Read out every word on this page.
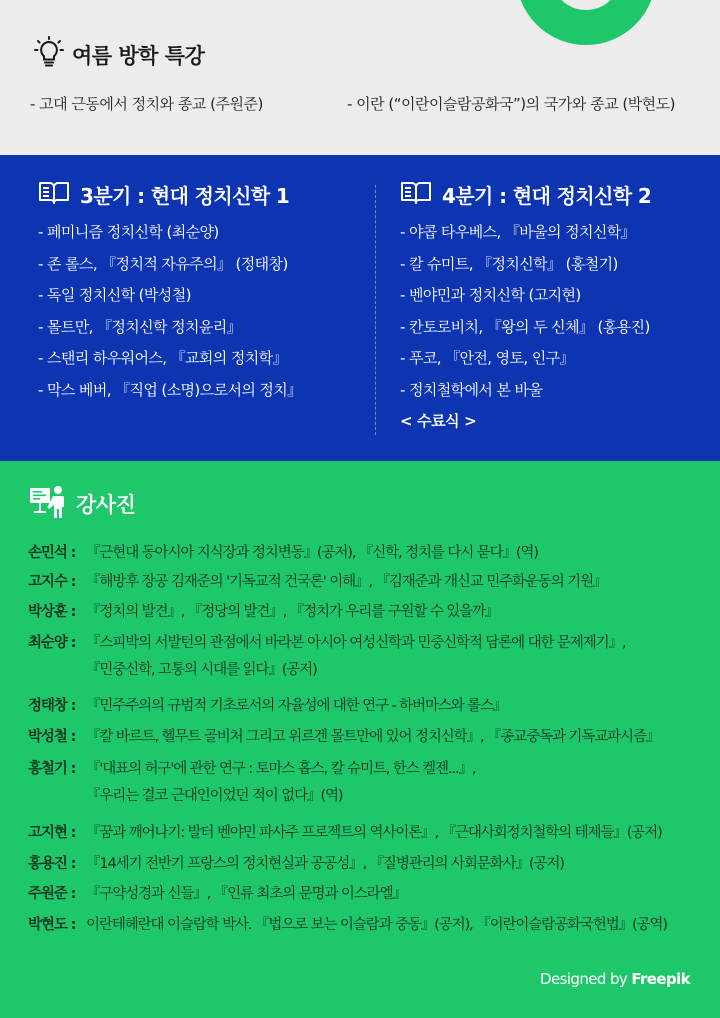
여름 방학 특강
- 고대 근동에서 정치와 종교 (주원준)	- 이란 (“이란이슬람공화국”)의 국가와 종교 (박현도)
3분기 : 현대 정치신학 1
- 페미니즘 정치신학 (최순양)
- 존 롤스, 『정치적 자유주의』 (정태창)
- 독일 정치신학 (박성철)
- 몰트만, 『정치신학 정치윤리』
- 스탠리 하우워어스, 『교회의 정치학』
- 막스 베버, 『직업 (소명)으로서의 정치』
4분기 : 현대 정치신학 2
- 야콥 타우베스, 『바울의 정치신학』
- 칼 슈미트, 『정치신학』 (홍철기)
- 벤야민과 정치신학 (고지현)
- 칸토로비치, 『왕의 두 신체』 (홍용진)
- 푸코, 『안전, 영토, 인구』
- 정치철학에서 본 바울
< 수료식 >
강사진
손민석 : 『근현대 동아시아 지식장과 정치변동』(공저), 『신학, 정치를 다시 묻다』(역)
고지수 : 『해방후 장공 김재준의 '기독교적 건국론' 이해』, 『김재준과 개신교 민주화운동의 기원』
박상훈 : 『정치의 발견』, 『정당의 발견』, 『정치가 우리를 구원할 수 있을까』
최순양 : 『스피박의 서발턴의 관점에서 바라본 아시아 여성신학과 민중신학적 담론에 대한 문제제기』,
『민중신학, 고통의 시대를 읽다』(공저)
정태창 : 『민주주의의 규범적 기초로서의 자율성에 대한 연구 - 하버마스와 롤스』
박성철 : 『칼 바르트, 헬무트 골비처 그리고 위르겐 몰트만에 있어 정치신학』, 『종교중독과 기독교파시즘』
홍철기 : 『'대표의 허구'에 관한 연구 : 토마스 홉스, 칼 슈미트, 한스 켈젠...』,
『우리는 결코 근대인이었던 적이 없다』(역)
고지현 : 『꿈과 깨어나기: 발터 벤야민 파사주 프로젝트의 역사이론』, 『근대사회정치철학의 테제들』(공저)
홍용진 : 『14세기 전반기 프랑스의 정치현실과 공공성』, 『질병관리의 사회문화사』(공저)
주원준 : 『구약성경과 신들』, 『인류 최초의 문명과 이스라엘』
박현도 : 이란테헤란대 이슬람학 박사. 『법으로 보는 이슬람과 중동』(공저), 『이란이슬람공화국헌법』(공역)
Designed by Freepik
